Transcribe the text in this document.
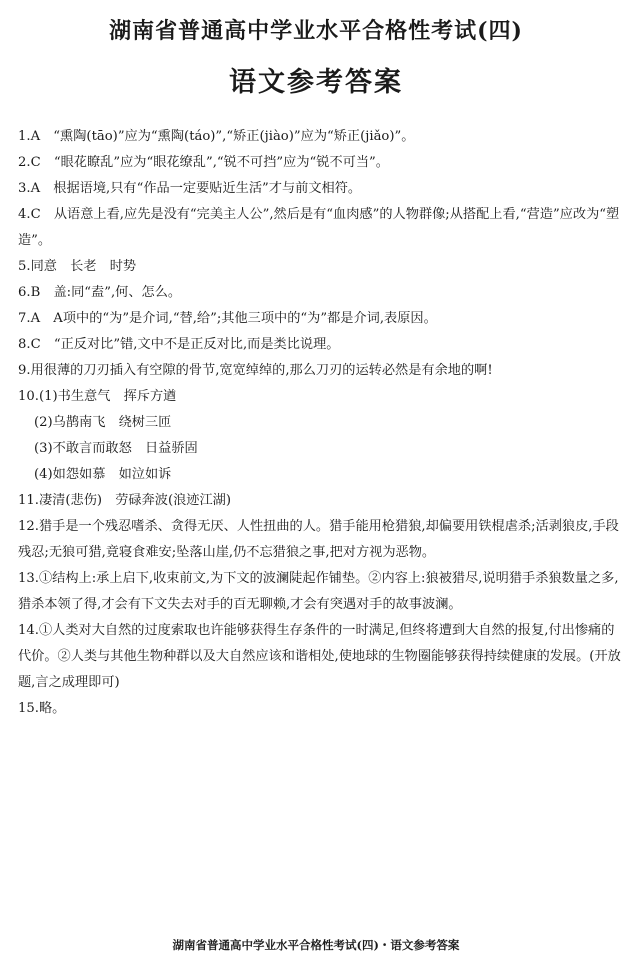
湖南省普通高中学业水平合格性考试(四)
语文参考答案

1.A　“熏陶(tāo)”应为“熏陶(táo)”,“矫正(jiào)”应为“矫正(jiǎo)”。

2.C　“眼花瞭乱”应为“眼花缭乱”,“锐不可挡”应为“锐不可当”。

3.A　根据语境,只有“作品一定要贴近生活”才与前文相符。

4.C　从语意上看,应先是没有“完美主人公”,然后是有“血肉感”的人物群像;从搭配上看,“营造”应改为“塑造”。

5.同意　长老　时势

6.B　盖:同“盍”,何、怎么。

7.A　A项中的“为”是介词,“替,给”;其他三项中的“为”都是介词,表原因。

8.C　“正反对比”错,文中不是正反对比,而是类比说理。

9.用很薄的刀刃插入有空隙的骨节,宽宽绰绰的,那么刀刃的运转必然是有余地的啊!

10.(1)书生意气　挥斥方遒

(2)乌鹊南飞　绕树三匝

(3)不敢言而敢怒　日益骄固

(4)如怨如慕　如泣如诉

11.凄清(悲伤)　劳碌奔波(浪迹江湖)

12.猎手是一个残忍嗜杀、贪得无厌、人性扭曲的人。猎手能用枪猎狼,却偏要用铁棍虐杀;活剥狼皮,手段残忍;无狼可猎,竟寝食难安;坠落山崖,仍不忘猎狼之事,把对方视为恶物。

13.①结构上:承上启下,收束前文,为下文的波澜陡起作铺垫。②内容上:狼被猎尽,说明猎手杀狼数量之多,猎杀本领了得,才会有下文失去对手的百无聊赖,才会有突遇对手的故事波澜。

14.①人类对大自然的过度索取也许能够获得生存条件的一时满足,但终将遭到大自然的报复,付出惨痛的代价。②人类与其他生物种群以及大自然应该和谐相处,使地球的生物圈能够获得持续健康的发展。(开放题,言之成理即可)

15.略。

湖南省普通高中学业水平合格性考试(四)・语文参考答案
